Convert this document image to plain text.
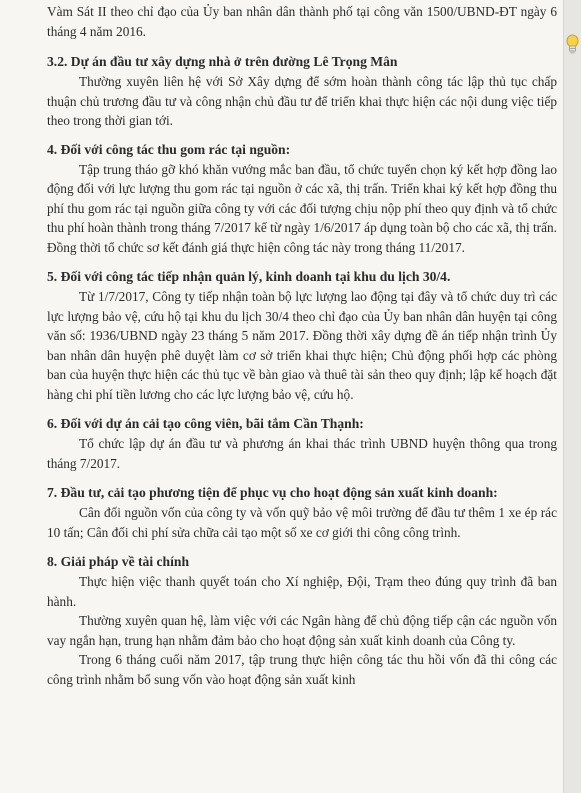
Vàm Sát II theo chỉ đạo của Ủy ban nhân dân thành phố tại công văn 1500/UBND-ĐT ngày 6 tháng 4 năm 2016.

3.2. Dự án đầu tư xây dựng nhà ở trên đường Lê Trọng Mân

Thường xuyên liên hệ với Sở Xây dựng để sớm hoàn thành công tác lập thủ tục chấp thuận chủ trương đầu tư và công nhận chủ đầu tư để triển khai thực hiện các nội dung việc tiếp theo trong thời gian tới.

4. Đối với công tác thu gom rác tại nguồn:

Tập trung tháo gỡ khó khăn vướng mắc ban đầu, tổ chức tuyển chọn ký kết hợp đồng lao động đối với lực lượng thu gom rác tại nguồn ở các xã, thị trấn. Triển khai ký kết hợp đồng thu phí thu gom rác tại nguồn giữa công ty với các đối tượng chịu nộp phí theo quy định và tổ chức thu phí hoàn thành trong tháng 7/2017 kể từ ngày 1/6/2017 áp dụng toàn bộ cho các xã, thị trấn. Đồng thời tổ chức sơ kết đánh giá thực hiện công tác này trong tháng 11/2017.

5. Đối với công tác tiếp nhận quản lý, kinh doanh tại khu du lịch 30/4.

Từ 1/7/2017, Công ty tiếp nhận toàn bộ lực lượng lao động tại đây và tổ chức duy trì các lực lượng bảo vệ, cứu hộ tại khu du lịch 30/4 theo chỉ đạo của Ủy ban nhân dân huyện tại công văn số: 1936/UBND ngày 23 tháng 5 năm 2017. Đồng thời xây dựng đề án tiếp nhận trình Ủy ban nhân dân huyện phê duyệt làm cơ sở triển khai thực hiện; Chủ động phối hợp các phòng ban của huyện thực hiện các thủ tục về bàn giao và thuê tài sản theo quy định; lập kế hoạch đặt hàng chi phí tiền lương cho các lực lượng bảo vệ, cứu hộ.

6. Đối với dự án cải tạo công viên, bãi tắm Cần Thạnh:

Tổ chức lập dự án đầu tư và phương án khai thác trình UBND huyện thông qua trong tháng 7/2017.

7. Đầu tư, cải tạo phương tiện để phục vụ cho hoạt động sản xuất kinh doanh:

Cân đối nguồn vốn của công ty và vốn quỹ bảo vệ môi trường để đầu tư thêm 1 xe ép rác 10 tấn; Cân đối chi phí sửa chữa cải tạo một số xe cơ giới thi công công trình.

8. Giải pháp về tài chính

Thực hiện việc thanh quyết toán cho Xí nghiệp, Đội, Trạm theo đúng quy trình đã ban hành.

Thường xuyên quan hệ, làm việc với các Ngân hàng để chủ động tiếp cận các nguồn vốn vay ngắn hạn, trung hạn nhằm đảm bảo cho hoạt động sản xuất kinh doanh của Công ty.

Trong 6 tháng cuối năm 2017, tập trung thực hiện công tác thu hồi vốn đã thi công các công trình nhằm bổ sung vốn vào hoạt động sản xuất kinh
